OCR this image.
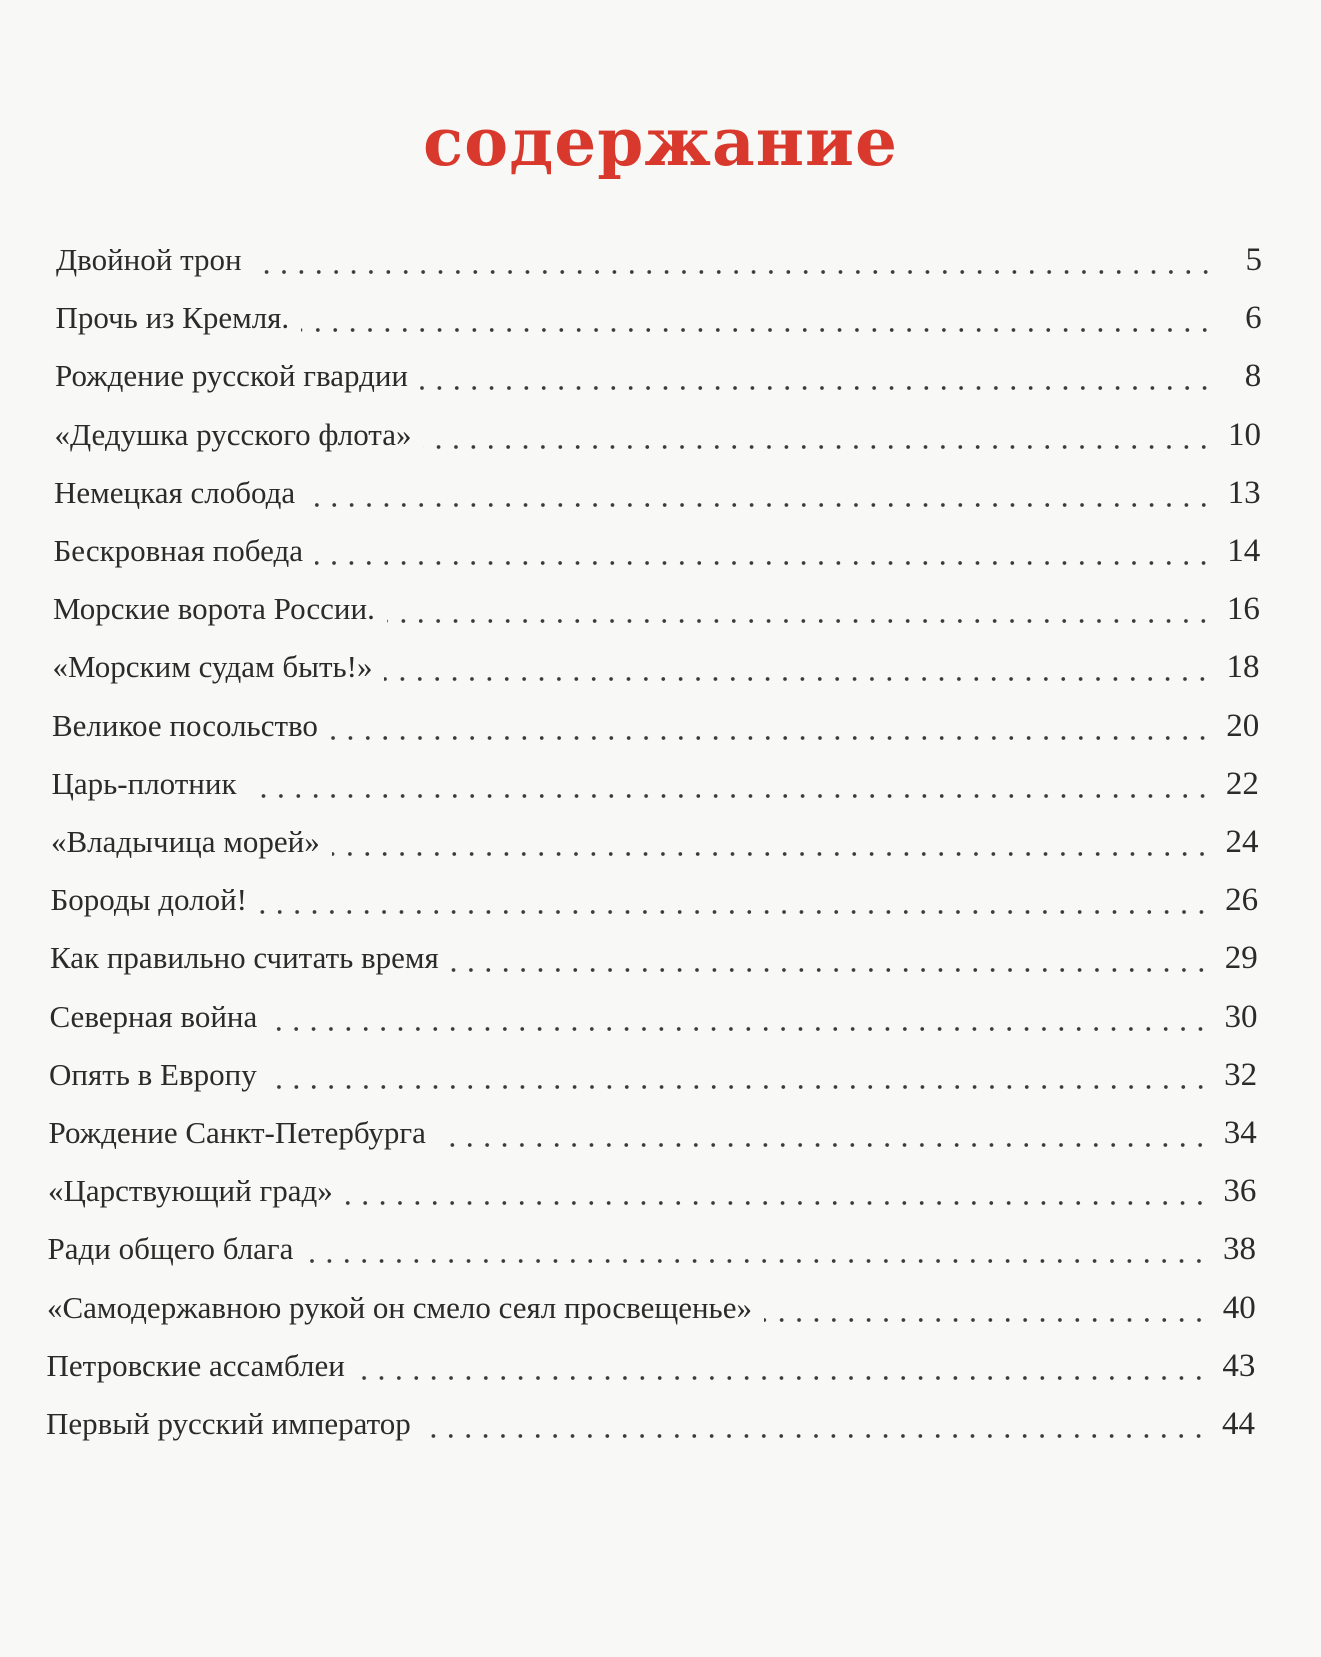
содержание
Двойной трон	5
Прочь из Кремля.	6
Рождение русской гвардии	8
«Дедушка русского флота»	10
Немецкая слобода	13
Бескровная победа	14
Морские ворота России.	16
«Морским судам быть!»	18
Великое посольство	20
Царь-плотник	22
«Владычица морей»	24
Бороды долой!	26
Как правильно считать время	29
Северная война	30
Опять в Европу	32
Рождение Санкт-Петербурга	34
«Царствующий град»	36
Ради общего блага	38
«Самодержавною рукой он смело сеял просвещенье»	40
Петровские ассамблеи	43
Первый русский император	44
